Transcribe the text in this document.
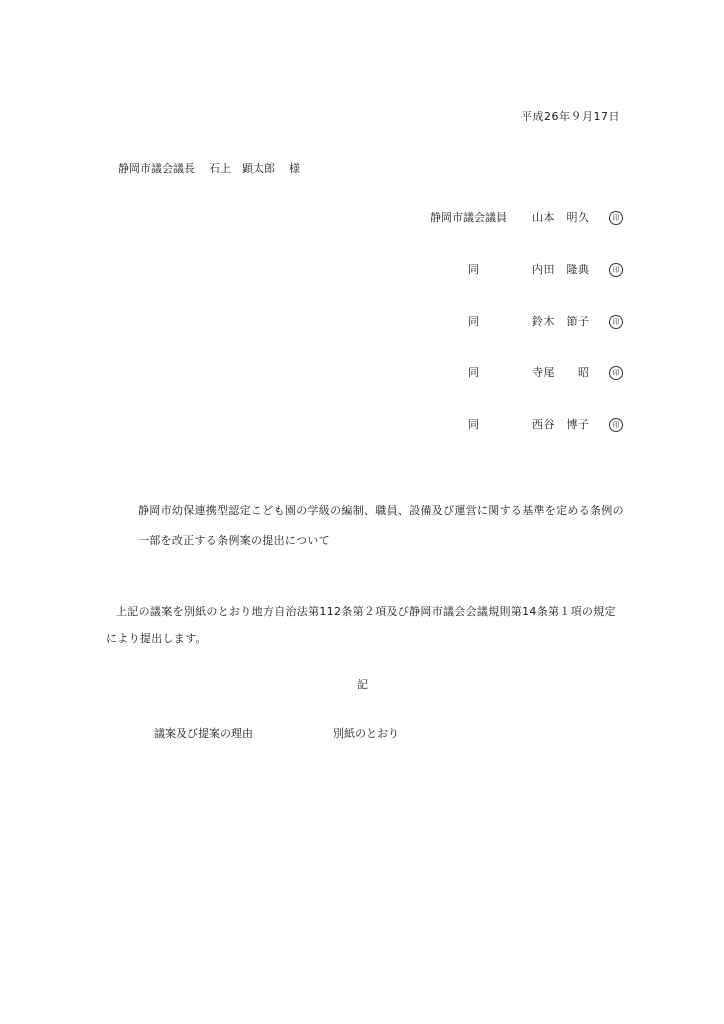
平成26年９月17日
静岡市議会議長 石上　顕太郎 様
静岡市議会議員 山本　明久	印
同	内田　隆典	印
同	鈴木　節子	印
同	寺尾　　昭	印
同	西谷　博子	印
静岡市幼保連携型認定こども園の学級の編制、職員、設備及び運営に関する基準を定める条例の一部を改正する条例案の提出について
上記の議案を別紙のとおり地方自治法第112条第２項及び静岡市議会会議規則第14条第１項の規定により提出します。
記
議案及び提案の理由	別紙のとおり
